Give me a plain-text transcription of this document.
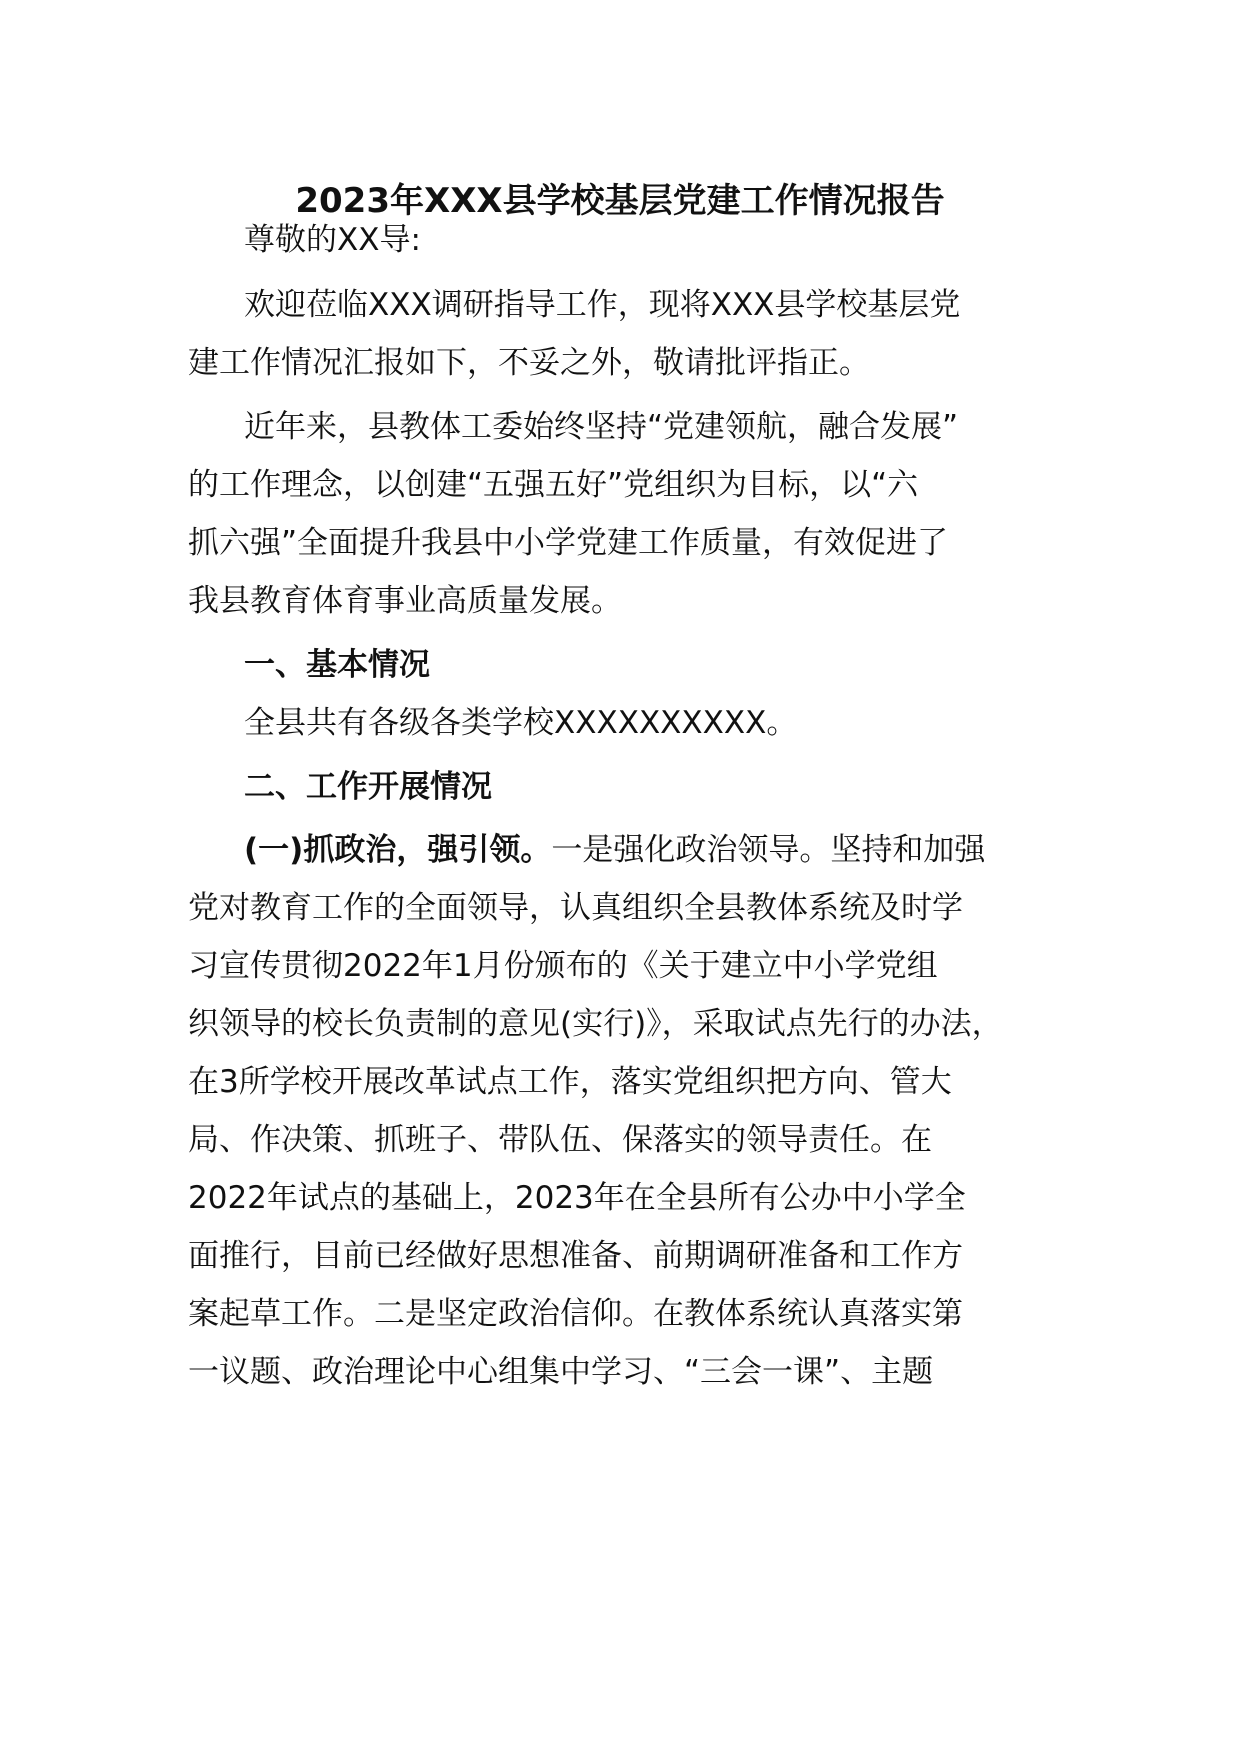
2023年XXX县学校基层党建工作情况报告
尊敬的XX导:
欢迎莅临XXX调研指导工作，现将XXX县学校基层党
建工作情况汇报如下，不妥之外，敬请批评指正。
近年来，县教体工委始终坚持“党建领航，融合发展”
的工作理念，以创建“五强五好”党组织为目标，以“六
抓六强”全面提升我县中小学党建工作质量，有效促进了
我县教育体育事业高质量发展。
一、基本情况
全县共有各级各类学校XXXXXXXXXX。
二、工作开展情况
(一)抓政治，强引领。一是强化政治领导。坚持和加强
党对教育工作的全面领导，认真组织全县教体系统及时学
习宣传贯彻2022年1月份颁布的《关于建立中小学党组
织领导的校长负责制的意见(实行)》，采取试点先行的办法，
在3所学校开展改革试点工作，落实党组织把方向、管大
局、作决策、抓班子、带队伍、保落实的领导责任。在
2022年试点的基础上，2023年在全县所有公办中小学全
面推行，目前已经做好思想准备、前期调研准备和工作方
案起草工作。二是坚定政治信仰。在教体系统认真落实第
一议题、政治理论中心组集中学习、“三会一课”、主题
